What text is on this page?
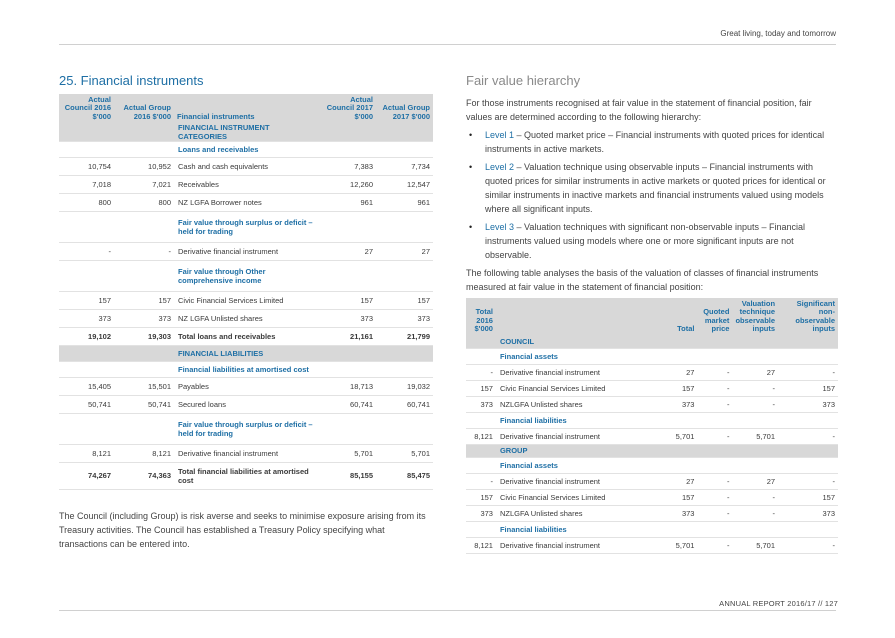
Great living, today and tomorrow
25. Financial instruments
Actual Council 2016 $'000	Actual Group 2016 $'000	Financial instruments	Actual Council 2017 $'000	Actual Group 2017 $'000
		FINANCIAL INSTRUMENT CATEGORIES		
		Loans and receivables		
10,754	10,952	Cash and cash equivalents	7,383	7,734
7,018	7,021	Receivables	12,260	12,547
800	800	NZ LGFA Borrower notes	961	961
		Fair value through surplus or deficit – held for trading		
-	-	Derivative financial instrument	27	27
		Fair value through Other comprehensive income		
157	157	Civic Financial Services Limited	157	157
373	373	NZ LGFA Unlisted shares	373	373
19,102	19,303	Total loans and receivables	21,161	21,799
		FINANCIAL LIABILITIES		
		Financial liabilities at amortised cost		
15,405	15,501	Payables	18,713	19,032
50,741	50,741	Secured loans	60,741	60,741
		Fair value through surplus or deficit – held for trading		
8,121	8,121	Derivative financial instrument	5,701	5,701
74,267	74,363	Total financial liabilities at amortised cost	85,155	85,475

The Council (including Group) is risk averse and seeks to minimise exposure arising from its Treasury activities. The Council has established a Treasury Policy specifying what transactions can be entered into.

Fair value hierarchy

For those instruments recognised at fair value in the statement of financial position, fair values are determined according to the following hierarchy:

• Level 1 – Quoted market price – Financial instruments with quoted prices for identical instruments in active markets.
• Level 2 – Valuation technique using observable inputs – Financial instruments with quoted prices for similar instruments in active markets or quoted prices for identical or similar instruments in inactive markets and financial instruments valued using models where all significant inputs.
• Level 3 – Valuation techniques with significant non-observable inputs – Financial instruments valued using models where one or more significant inputs are not observable.

The following table analyses the basis of the valuation of classes of financial instruments measured at fair value in the statement of financial position:

Total 2016 $'000		Total	Quoted market price	Valuation technique observable inputs	Significant non-observable inputs
	COUNCIL				
	Financial assets				
-	Derivative financial instrument	27	-	27	-
157	Civic Financial Services Limited	157	-	-	157
373	NZLGFA Unlisted shares	373	-	-	373
	Financial liabilities				
8,121	Derivative financial instrument	5,701	-	5,701	-
	GROUP				
	Financial assets				
-	Derivative financial instrument	27	-	27	-
157	Civic Financial Services Limited	157	-	-	157
373	NZLGFA Unlisted shares	373	-	-	373
	Financial liabilities				
8,121	Derivative financial instrument	5,701	-	5,701	-
ANNUAL REPORT 2016/17 // 127
